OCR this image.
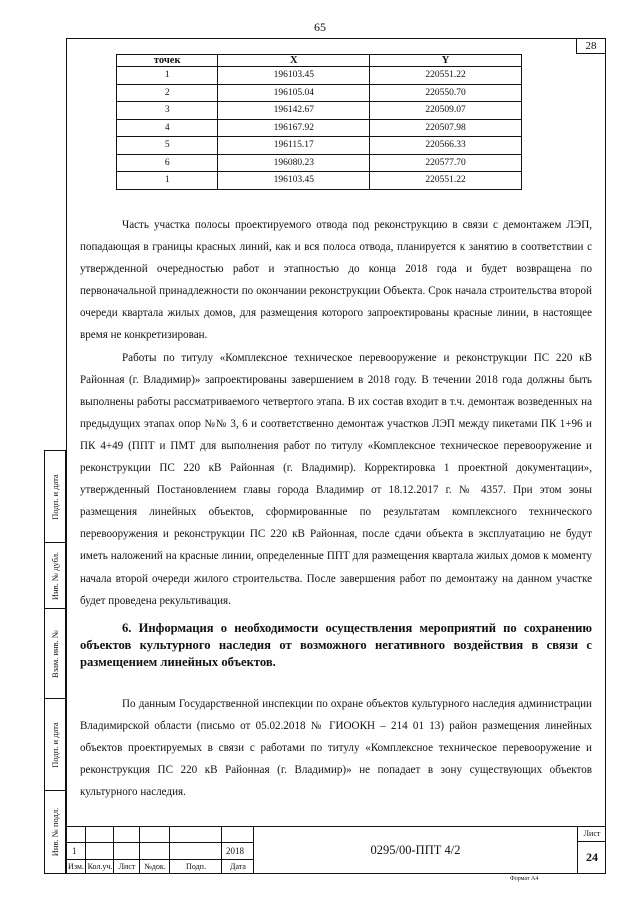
65
28
Подп. и дата
Инв. № дубл.
Взам. инв. №
Подп. и дата
Инв. № подл.
точек	X	Y
1	196103.45	220551.22
2	196105.04	220550.70
3	196142.67	220509.07
4	196167.92	220507.98
5	196115.17	220566.33
6	196080.23	220577.70
1	196103.45	220551.22

Часть участка полосы проектируемого отвода под реконструкцию в связи с демонтажем ЛЭП, попадающая в границы красных линий, как и вся полоса отвода, планируется к занятию в соответствии с утвержденной очередностью работ и этапностью до конца 2018 года и будет возвращена по первоначальной принадлежности по окончании реконструкции Объекта. Срок начала строительства второй очереди квартала жилых домов, для размещения которого запроектированы красные линии, в настоящее время не конкретизирован.

Работы по титулу «Комплексное техническое перевооружение и реконструкции ПС 220 кВ Районная (г. Владимир)» запроектированы завершением в 2018 году. В течении 2018 года должны быть выполнены работы рассматриваемого четвертого этапа. В их состав входит в т.ч. демонтаж возведенных на предыдущих этапах опор №№ 3, 6 и соответственно демонтаж участков ЛЭП между пикетами ПК 1+96 и ПК 4+49 (ППТ и ПМТ для выполнения работ по титулу «Комплексное техническое перевооружение и реконструкции ПС 220 кВ Районная (г. Владимир). Корректировка 1 проектной документации», утвержденный Постановлением главы города Владимир от 18.12.2017 г. № 4357. При этом зоны размещения линейных объектов, сформированные по результатам комплексного технического перевооружения и реконструкции ПС 220 кВ Районная, после сдачи объекта в эксплуатацию не будут иметь наложений на красные линии, определенные ППТ для размещения квартала жилых домов к моменту начала второй очереди жилого строительства. После завершения работ по демонтажу на данном участке будет проведена рекультивация.

6. Информация о необходимости осуществления мероприятий по сохранению объектов культурного наследия от возможного негативного воздействия в связи с размещением линейных объектов.

По данным Государственной инспекции по охране объектов культурного наследия администрации Владимирской области (письмо от 05.02.2018 № ГИООКН – 214 01 13) район размещения линейных объектов проектируемых в связи с работами по титулу «Комплексное техническое перевооружение и реконструкция ПС 220 кВ Районная (г. Владимир)» не попадает в зону существующих объектов культурного наследия.

1	2018
Изм. Кол.уч. Лист	№док.	Подп.	Дата
0295/00-ППТ 4/2
Лист
24
Формат А4
